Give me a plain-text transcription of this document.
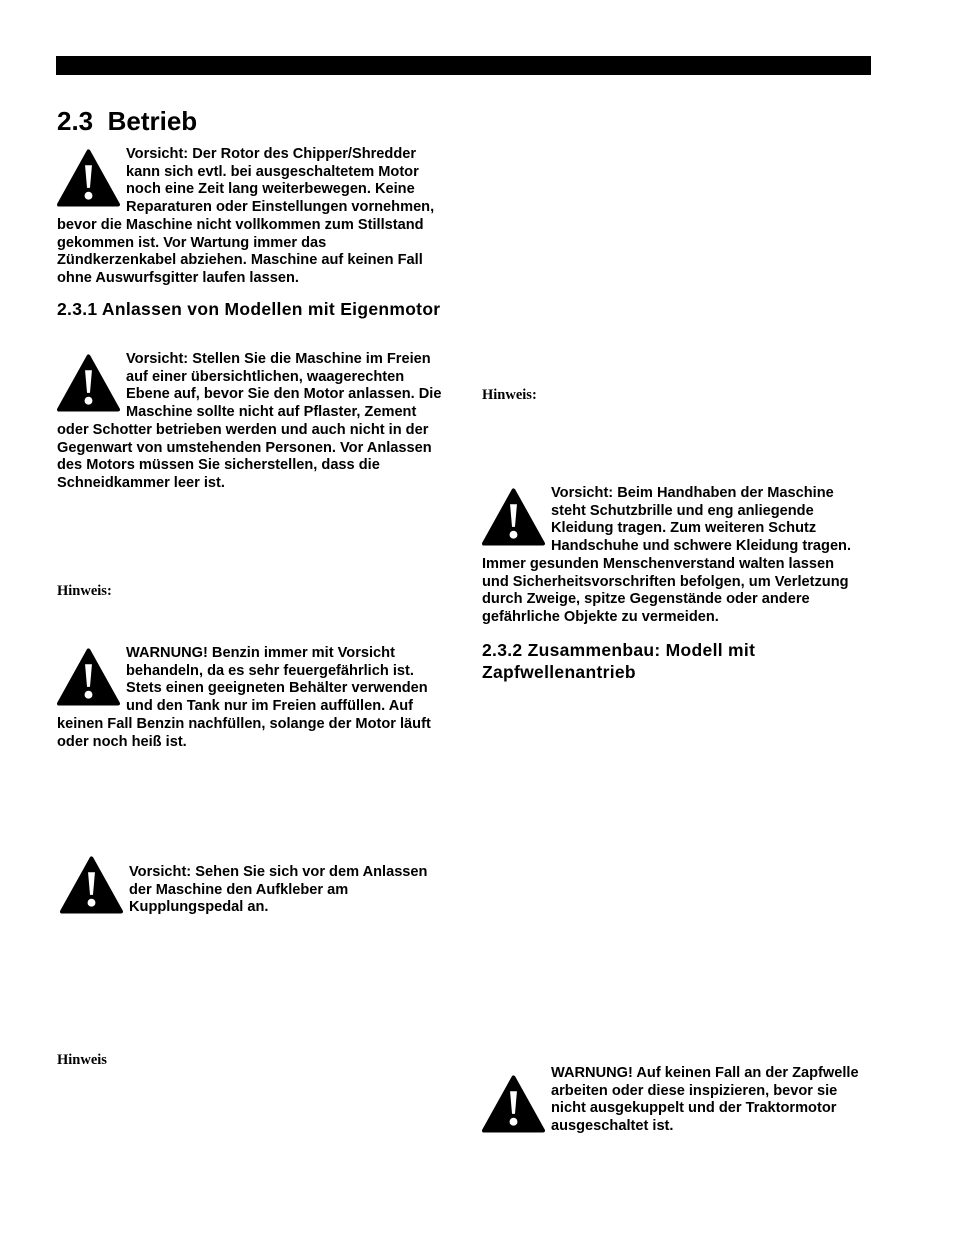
2.3 Betrieb
Vorsicht: Der Rotor des Chipper/Shredder kann sich evtl. bei ausgeschaltetem Motor noch eine Zeit lang weiterbewegen. Keine Reparaturen oder Einstellungen vornehmen, bevor die Maschine nicht vollkommen zum Stillstand gekommen ist. Vor Wartung immer das Zündkerzenkabel abziehen. Maschine auf keinen Fall ohne Auswurfsgitter laufen lassen.
2.3.1 Anlassen von Modellen mit Eigenmotor
Vorsicht: Stellen Sie die Maschine im Freien auf einer übersichtlichen, waagerechten Ebene auf, bevor Sie den Motor anlassen. Die Maschine sollte nicht auf Pflaster, Zement oder Schotter betrieben werden und auch nicht in der Gegenwart von umstehenden Personen. Vor Anlassen des Motors müssen Sie sicherstellen, dass die Schneidkammer leer ist.
Hinweis:
WARNUNG! Benzin immer mit Vorsicht behandeln, da es sehr feuergefährlich ist. Stets einen geeigneten Behälter verwenden und den Tank nur im Freien auffüllen. Auf keinen Fall Benzin nachfüllen, solange der Motor läuft oder noch heiß ist.
Vorsicht: Sehen Sie sich vor dem Anlassen der Maschine den Aufkleber am Kupplungspedal an.
Hinweis
Hinweis:
Vorsicht: Beim Handhaben der Maschine steht Schutzbrille und eng anliegende Kleidung tragen. Zum weiteren Schutz Handschuhe und schwere Kleidung tragen. Immer gesunden Menschenverstand walten lassen und Sicherheitsvorschriften befolgen, um Verletzung durch Zweige, spitze Gegenstände oder andere gefährliche Objekte zu vermeiden.
2.3.2 Zusammenbau: Modell mit Zapfwellenantrieb
WARNUNG! Auf keinen Fall an der Zapfwelle arbeiten oder diese inspizieren, bevor sie nicht ausgekuppelt und der Traktormotor ausgeschaltet ist.
